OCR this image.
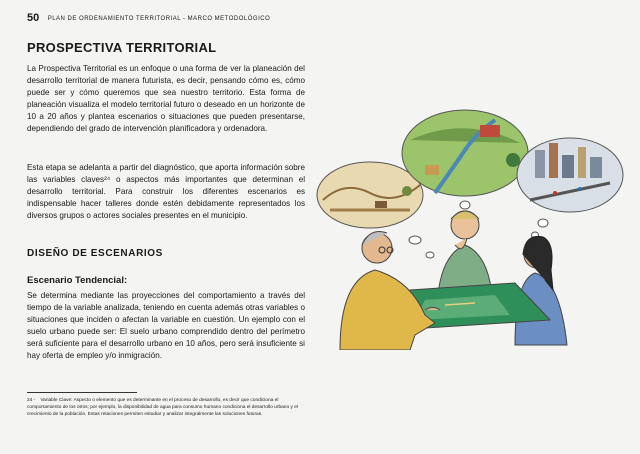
50 PLAN DE ORDENAMIENTO TERRITORIAL - MARCO METODOLÓGICO
PROSPECTIVA TERRITORIAL

La Prospectiva Territorial es un enfoque o una forma de ver la planeación del desarrollo territorial de manera futurista, es decir, pensando cómo es, cómo puede ser y cómo queremos que sea nuestro territorio. Esta forma de planeación visualiza el modelo territorial futuro o deseado en un horizonte de 10 a 20 años y plantea escenarios o situaciones que pueden presentarse, dependiendo del grado de intervención planificadora y ordenadora.

Esta etapa se adelanta a partir del diagnóstico, que aporta información sobre las variables claves²⁴ o aspectos más importantes que determinan el desarrollo territorial. Para construir los diferentes escenarios es indispensable hacer talleres donde estén debidamente representados los diversos grupos o actores sociales presentes en el municipio.

DISEÑO DE ESCENARIOS
Escenario Tendencial:

Se determina mediante las proyecciones del comportamiento a través del tiempo de la variable analizada, teniendo en cuenta además otras variables o situaciones que inciden o afectan la variable en cuestión. Un ejemplo con el suelo urbano puede ser: El suelo urbano comprendido dentro del perímetro será suficiente para el desarrollo urbano en 10 años, pero será insuficiente si hay oferta de empleo y/o inmigración.

24 - Variable Clave: Aspecto o elemento que es determinante en el proceso de desarrollo, es decir que condiciona el comportamiento de los otros; por ejemplo, la disponibilidad de agua para consumo humano condiciona el desarrollo urbano y el crecimiento de la población. Estas relaciones permiten estudiar y analizar integralmente las soluciones futuras.
